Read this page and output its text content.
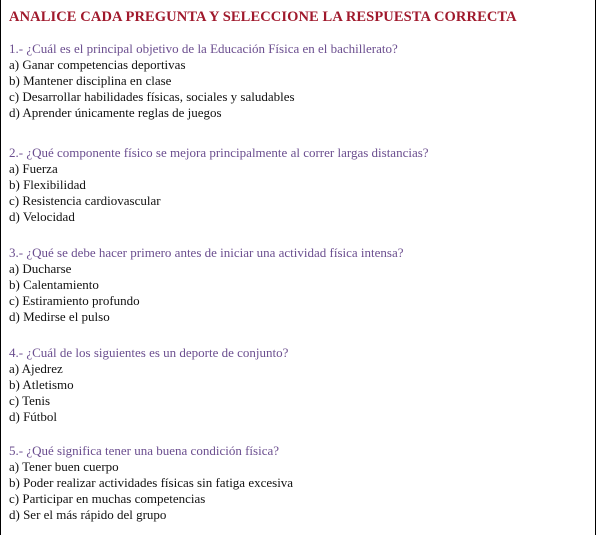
ANALICE CADA PREGUNTA Y SELECCIONE LA RESPUESTA CORRECTA
1.- ¿Cuál es el principal objetivo de la Educación Física en el bachillerato?
a) Ganar competencias deportivas
b) Mantener disciplina en clase
c) Desarrollar habilidades físicas, sociales y saludables
d) Aprender únicamente reglas de juegos
2.- ¿Qué componente físico se mejora principalmente al correr largas distancias?
a) Fuerza
b) Flexibilidad
c) Resistencia cardiovascular
d) Velocidad
3.- ¿Qué se debe hacer primero antes de iniciar una actividad física intensa?
a) Ducharse
b) Calentamiento
c) Estiramiento profundo
d) Medirse el pulso
4.- ¿Cuál de los siguientes es un deporte de conjunto?
a) Ajedrez
b) Atletismo
c) Tenis
d) Fútbol
5.- ¿Qué significa tener una buena condición física?
a) Tener buen cuerpo
b) Poder realizar actividades físicas sin fatiga excesiva
c) Participar en muchas competencias
d) Ser el más rápido del grupo
